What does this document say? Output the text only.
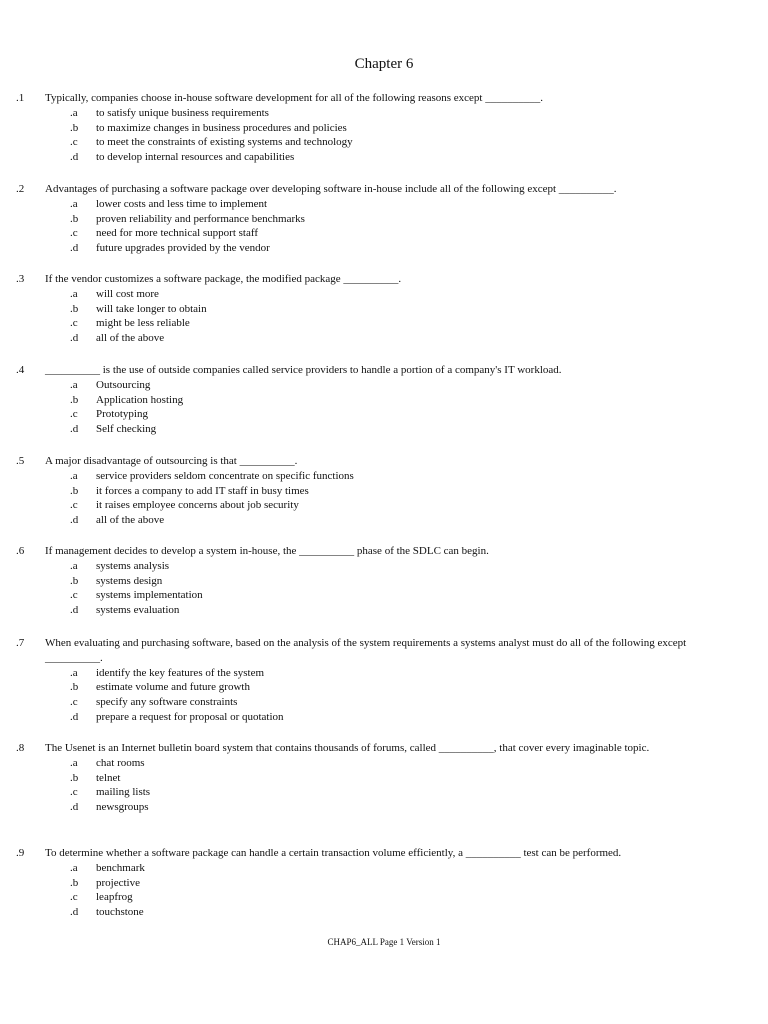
Chapter 6
.1	Typically, companies choose in-house software development for all of the following reasons except __________.
.a to satisfy unique business requirements
.b to maximize changes in business procedures and policies
.c to meet the constraints of existing systems and technology
.d to develop internal resources and capabilities
.2	Advantages of purchasing a software package over developing software in-house include all of the following except __________.
.a lower costs and less time to implement
.b proven reliability and performance benchmarks
.c need for more technical support staff
.d future upgrades provided by the vendor
.3	If the vendor customizes a software package, the modified package __________.
.a will cost more
.b will take longer to obtain
.c might be less reliable
.d all of the above
.4	__________ is the use of outside companies called service providers to handle a portion of a company's IT workload.
.a Outsourcing
.b Application hosting
.c Prototyping
.d Self checking
.5	A major disadvantage of outsourcing is that __________.
.a service providers seldom concentrate on specific functions
.b it forces a company to add IT staff in busy times
.c it raises employee concerns about job security
.d all of the above
.6	If management decides to develop a system in-house, the __________ phase of the SDLC can begin.
.a systems analysis
.b systems design
.c systems implementation
.d systems evaluation
.7	When evaluating and purchasing software, based on the analysis of the system requirements a systems analyst must do all of the following except __________.
.a identify the key features of the system
.b estimate volume and future growth
.c specify any software constraints
.d prepare a request for proposal or quotation
.8	The Usenet is an Internet bulletin board system that contains thousands of forums, called __________, that cover every imaginable topic.
.a chat rooms
.b telnet
.c mailing lists
.d newsgroups
.9	To determine whether a software package can handle a certain transaction volume efficiently, a __________ test can be performed.
.a benchmark
.b projective
.c leapfrog
.d touchstone
CHAP6_ALL Page 1 Version 1
